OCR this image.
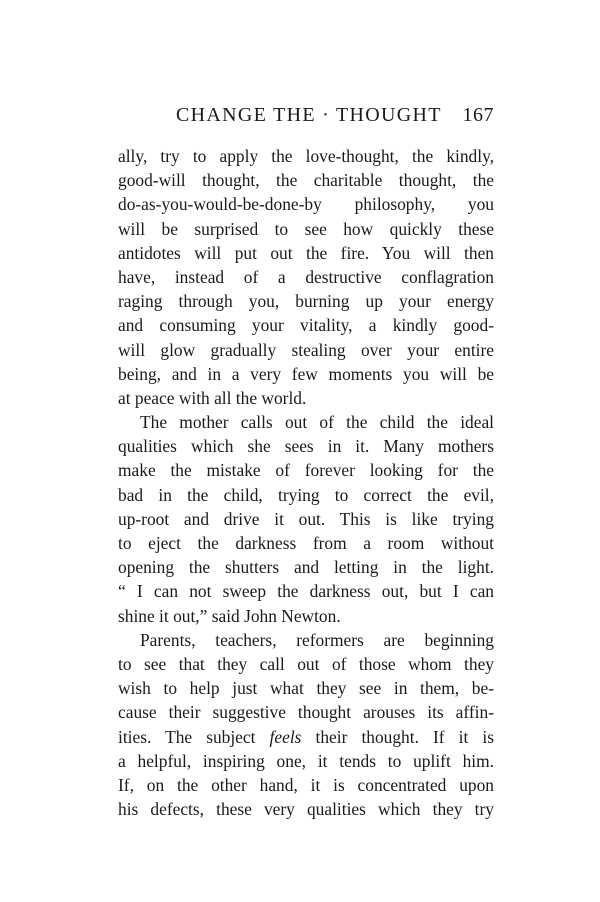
CHANGE THE · THOUGHT 167
ally, try to apply the love-thought, the kindly,
good-will thought, the charitable thought, the
do-as-you-would-be-done-by philosophy, you
will be surprised to see how quickly these
antidotes will put out the fire. You will then
have, instead of a destructive conflagration
raging through you, burning up your energy
and consuming your vitality, a kindly good-
will glow gradually stealing over your entire
being, and in a very few moments you will be
at peace with all the world.
The mother calls out of the child the ideal
qualities which she sees in it. Many mothers
make the mistake of forever looking for the
bad in the child, trying to correct the evil,
up-root and drive it out. This is like trying
to eject the darkness from a room without
opening the shutters and letting in the light.
“ I can not sweep the darkness out, but I can
shine it out,” said John Newton.
Parents, teachers, reformers are beginning
to see that they call out of those whom they
wish to help just what they see in them, be-
cause their suggestive thought arouses its affin-
ities. The subject feels their thought. If it is
a helpful, inspiring one, it tends to uplift him.
If, on the other hand, it is concentrated upon
his defects, these very qualities which they try
